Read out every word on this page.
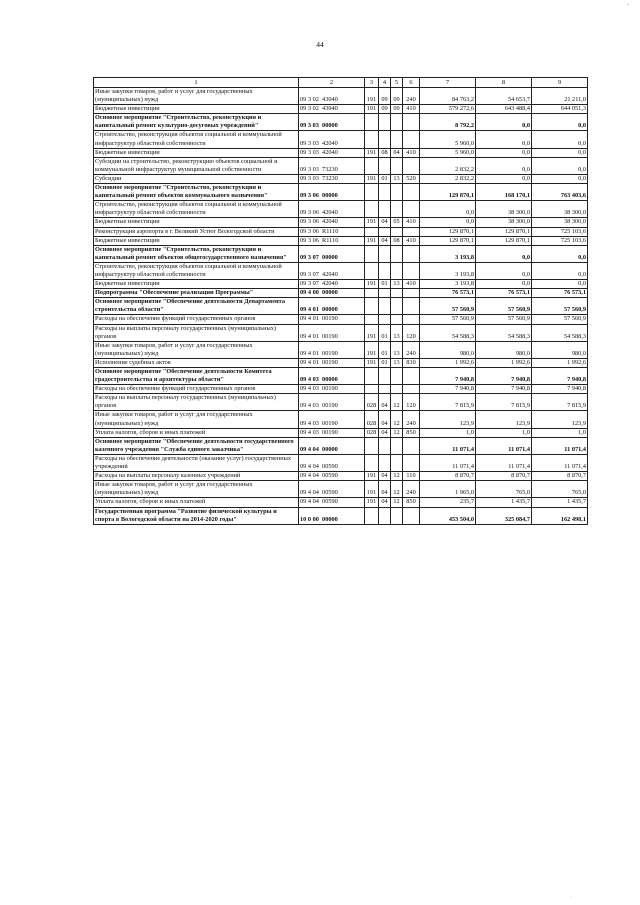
44
-
·
1	2	3	4	5	6	7	8	9
Иные закупки товаров, работ и услуг для государственных (муниципальных) нужд	09 3 02  43040	191	09	09	240	84 763,2	54 653,7	21 211,0
Бюджетные инвестиции	09 3 02  43040	191	09	09	410	579 272,6	643 488,4	644 051,3
Основное мероприятие "Строительство, реконструкция и капитальный ремонт культурно-досуговых учреждений"	09 3 03  00000					8 792,2	0,0	0,0
Строительство, реконструкция объектов социальной и коммунальной инфраструктур областной собственности	09 3 03  42040					5 960,0	0,0	0,0
Бюджетные инвестиции	09 3 03  42040	191	08	04	410	5 960,0	0,0	0,0
Субсидии на строительство, реконструкцию объектов социальной и коммунальной инфраструктур муниципальной собственности	09 3 03  73230					2 832,2	0,0	0,0
Субсидии	09 3 03  73230	191	01	13	520	2 832,2	0,0	0,0
Основное мероприятие "Строительство, реконструкция и капитальный ремонт объектов коммунального назначения"	09 3 06  00000					129 870,1	168 170,1	763 403,6
Строительство, реконструкция объектов социальной и коммунальной инфраструктур областной собственности	09 3 06  42040					0,0	38 300,0	38 300,0
Бюджетные инвестиции	09 3 06  42040	191	04	05	410	0,0	38 300,0	38 300,0
Реконструкция аэропорта в г. Великий Устюг Вологодской области	09 3 06  R1110					129 870,1	129 870,1	725 103,6
Бюджетные инвестиции	09 3 06  R1110	191	04	08	410	129 870,1	129 870,1	725 103,6
Основное мероприятие "Строительство, реконструкция и капитальный ремонт объектов общегосударственного назначения"	09 3 07  00000					3 193,8	0,0	0,0
Строительство, реконструкция объектов социальной и коммунальной инфраструктур областной собственности	09 3 07  42040					3 193,8	0,0	0,0
Бюджетные инвестиции	09 3 07  42040	191	01	13	410	3 193,8	0,0	0,0
Подпрограмма "Обеспечение реализации Программы"	09 4 00  00000					76 573,1	76 573,1	76 573,1
Основное мероприятие "Обеспечение деятельности Департамента строительства области"	09 4 01  00000					57 560,9	57 560,9	57 560,9
Расходы на обеспечение функций государственных органов	09 4 01  00190					57 560,9	57 560,9	57 560,9
Расходы на выплаты персоналу государственных (муниципальных) органов	09 4 01  00190	191	01	13	120	54 588,3	54 588,3	54 588,3
Иные закупки товаров, работ и услуг для государственных (муниципальных) нужд	09 4 01  00190	191	01	13	240	980,0	980,0	980,0
Исполнение судебных актов	09 4 01  00190	191	01	13	830	1 992,6	1 992,6	1 992,6
Основное мероприятие "Обеспечение деятельности Комитета градостроительства и архитектуры области"	09 4 03  00000					7 940,8	7 940,8	7 940,8
Расходы на обеспечение функций государственных органов	09 4 03  00190					7 940,8	7 940,8	7 940,8
Расходы на выплаты персоналу государственных (муниципальных) органов	09 4 03  00190	028	04	12	120	7 815,9	7 815,9	7 815,9
Иные закупки товаров, работ и услуг для государственных (муниципальных) нужд	09 4 03  00190	028	04	12	240	123,9	123,9	123,9
Уплата налогов, сборов и иных платежей	09 4 03  00190	028	04	12	850	1,0	1,0	1,0
Основное мероприятие "Обеспечение деятельности государственного казенного учреждения "Служба единого заказчика"	09 4 04  00000					11 071,4	11 071,4	11 071,4
Расходы на обеспечение деятельности (оказание услуг) государственных учреждений	09 4 04  00590					11 071,4	11 071,4	11 071,4
Расходы на выплаты персоналу казенных учреждений	09 4 04  00590	191	04	12	110	8 870,7	8 870,7	8 870,7
Иные закупки товаров, работ и услуг для государственных (муниципальных) нужд	09 4 04  00590	191	04	12	240	1 965,0	765,0	765,0
Уплата налогов, сборов и иных платежей	09 4 04  00590	191	04	12	850	235,7	1 435,7	1 435,7
Государственная программа "Развитие физической культуры и спорта в Вологодской области на 2014-2020 годы"	10 0 00  00000					453 504,0	325 084,7	162 498,1
